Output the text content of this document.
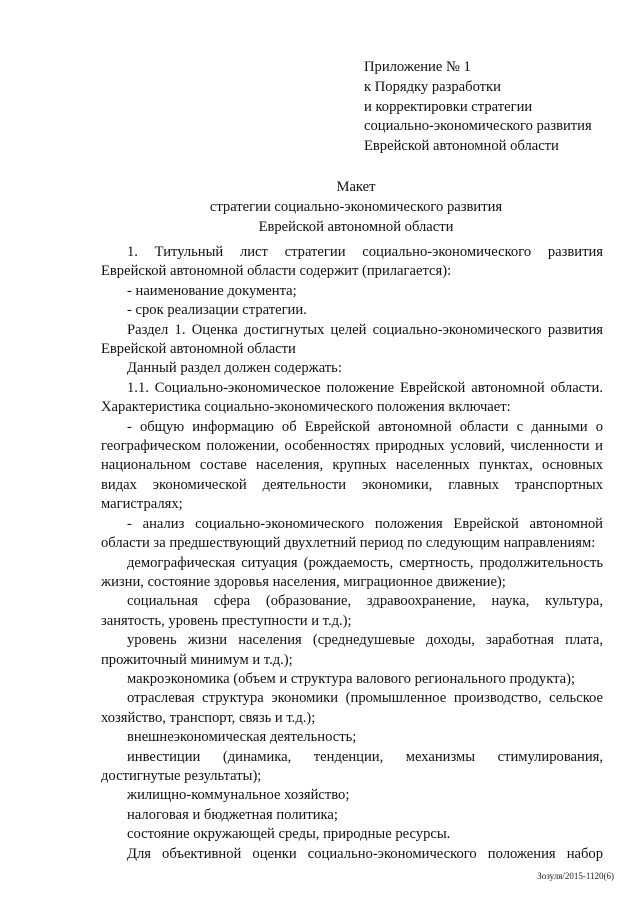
Приложение № 1
к Порядку разработки
и корректировки стратегии
социально-экономического развития
Еврейской автономной области
Макет
стратегии социально-экономического развития
Еврейской автономной области

1. Титульный лист стратегии социально-экономического развития Еврейской автономной области содержит (прилагается):

- наименование документа;

- срок реализации стратегии.

Раздел 1. Оценка достигнутых целей социально-экономического развития Еврейской автономной области

Данный раздел должен содержать:

1.1. Социально-экономическое положение Еврейской автономной области. Характеристика социально-экономического положения включает:

- общую информацию об Еврейской автономной области с данными о географическом положении, особенностях природных условий, численности и национальном составе населения, крупных населенных пунктах, основных видах экономической деятельности экономики, главных транспортных магистралях;

- анализ социально-экономического положения Еврейской автономной области за предшествующий двухлетний период по следующим направлениям:

демографическая ситуация (рождаемость, смертность, продолжительность жизни, состояние здоровья населения, миграционное движение);

социальная сфера (образование, здравоохранение, наука, культура, занятость, уровень преступности и т.д.);

уровень жизни населения (среднедушевые доходы, заработная плата, прожиточный минимум и т.д.);

макроэкономика (объем и структура валового регионального продукта);

отраслевая структура экономики (промышленное производство, сельское хозяйство, транспорт, связь и т.д.);

внешнеэкономическая деятельность;

инвестиции (динамика, тенденции, механизмы стимулирования, достигнутые результаты);

жилищно-коммунальное хозяйство;

налоговая и бюджетная политика;

состояние окружающей среды, природные ресурсы.

Для объективной оценки социально-экономического положения набор

Зозуля/2015-1120(6)
